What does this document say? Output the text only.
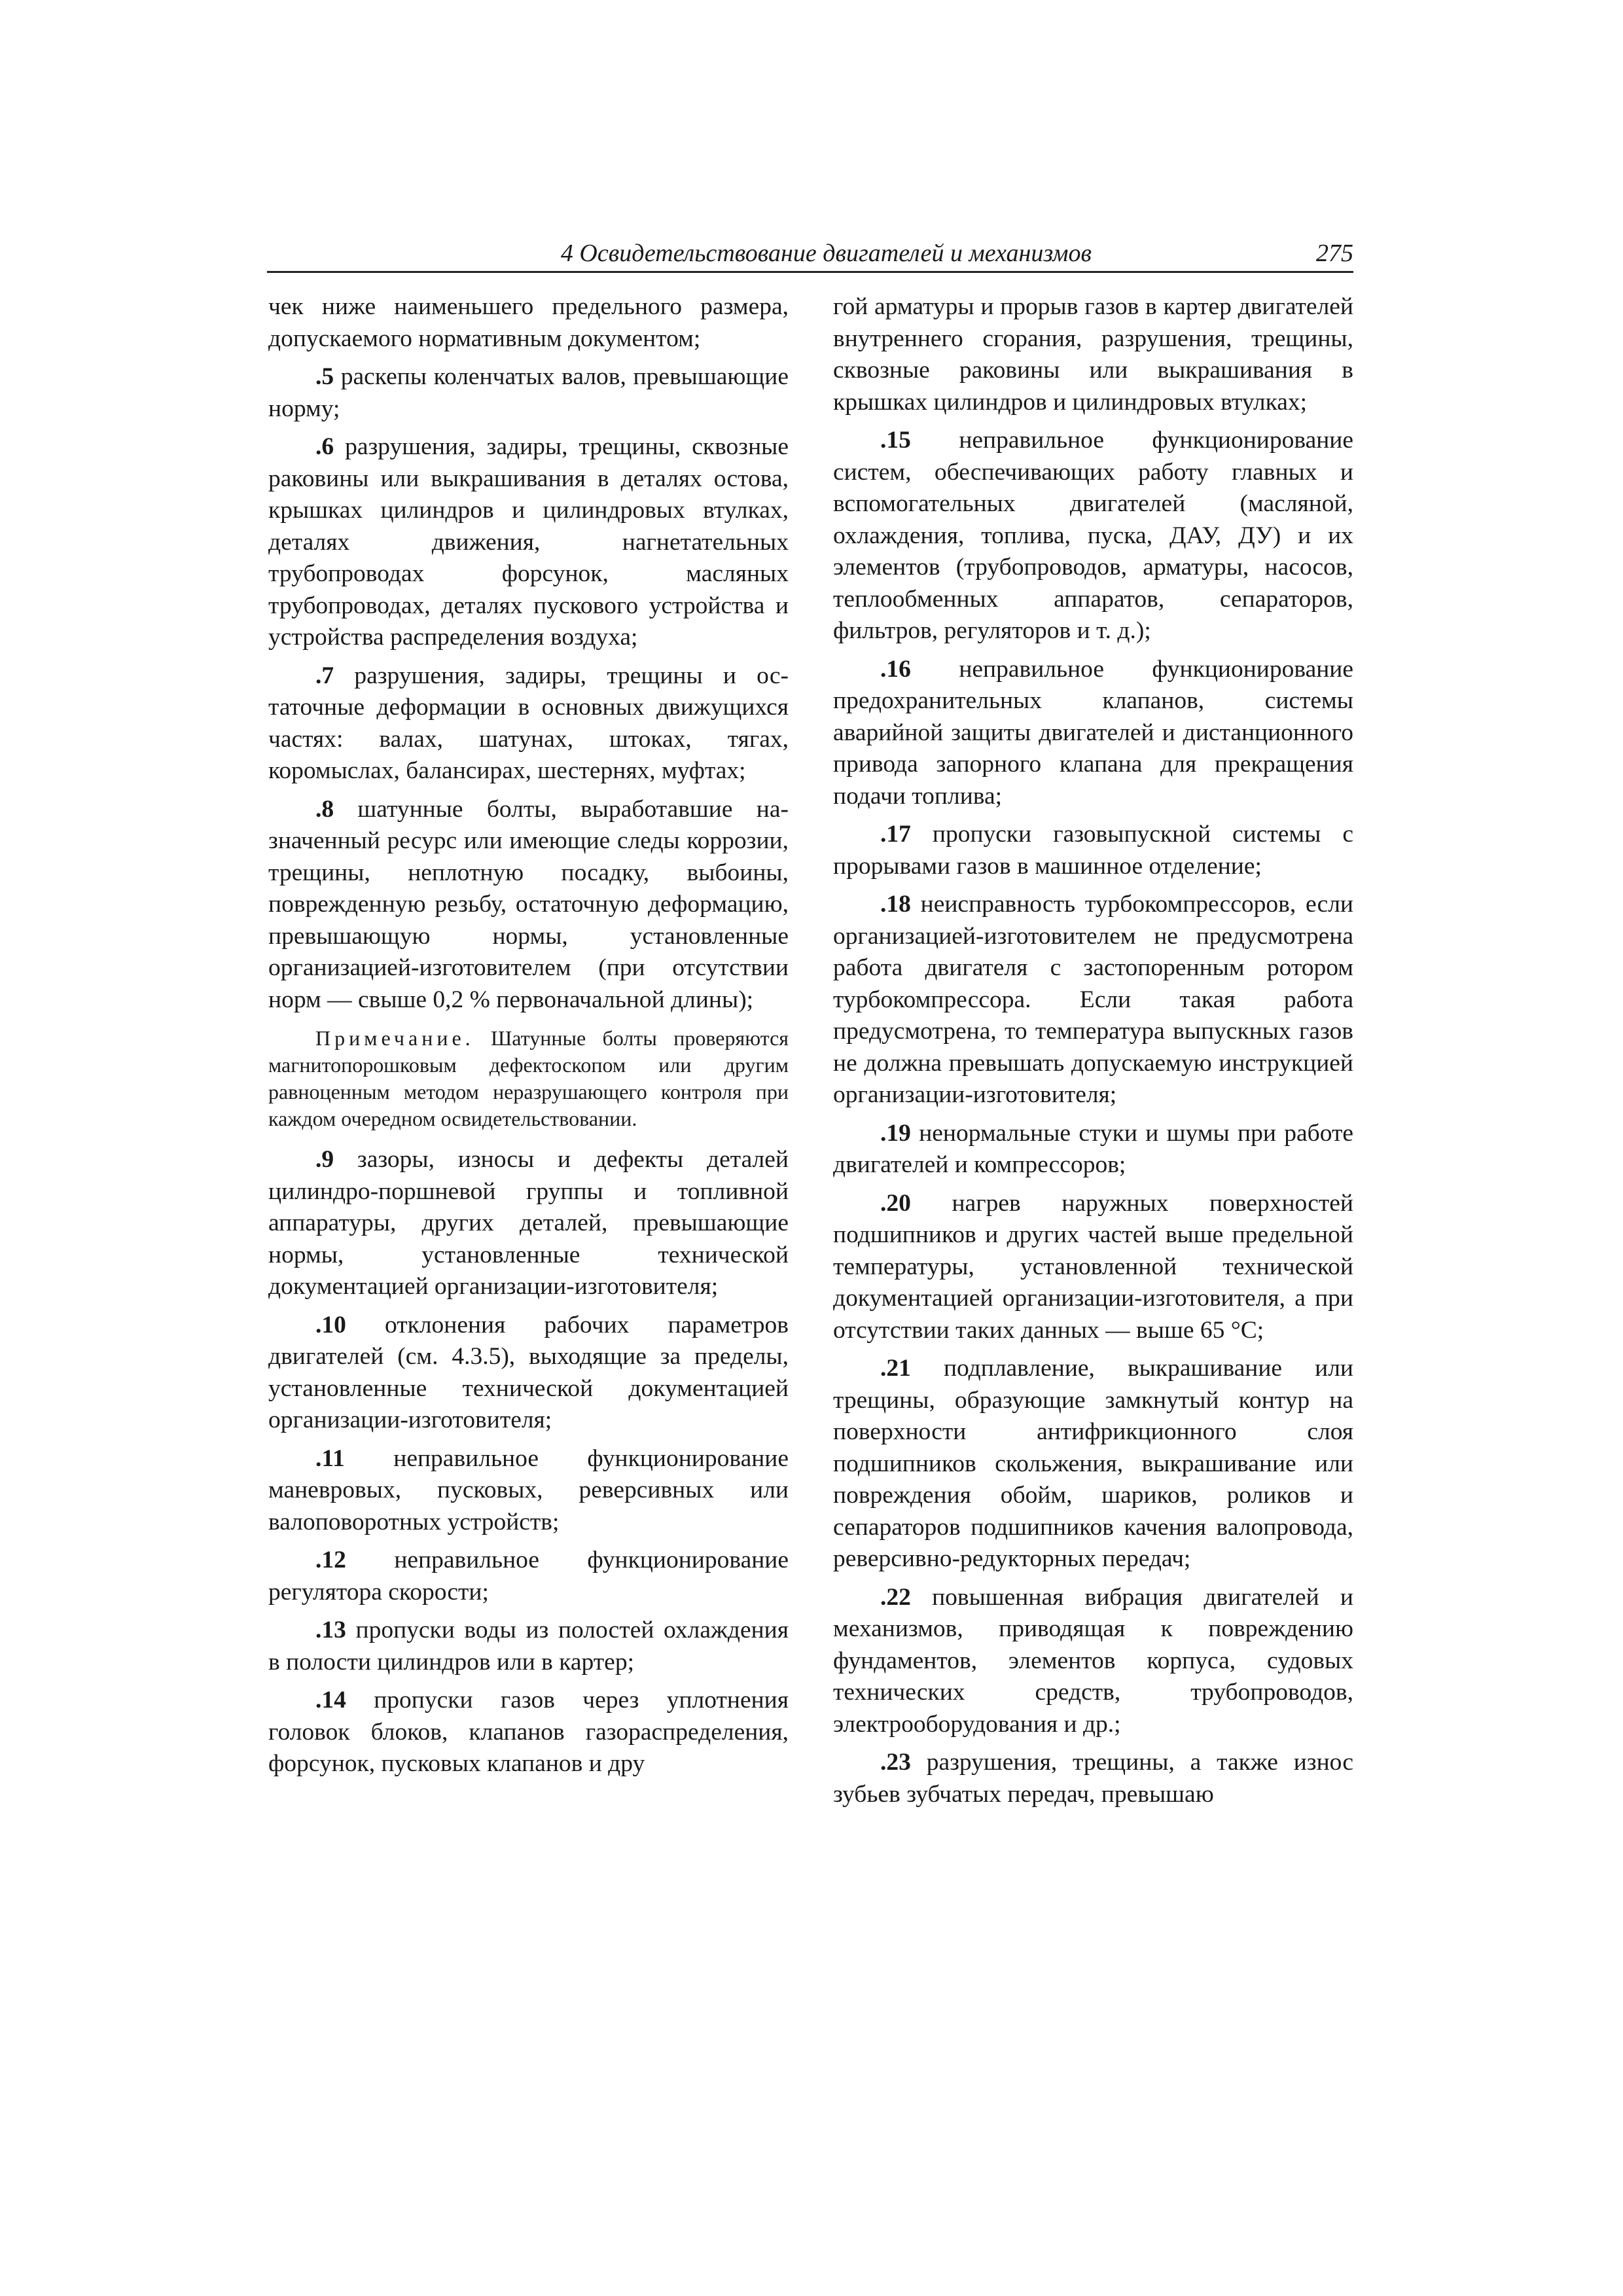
4 Освидетельствование двигателей и механизмов	275

чек ниже наименьшего предельного размера, допускаемого нормативным документом;

.5 раскепы коленчатых валов, превышающие норму;

.6 разрушения, задиры, трещины, сквозные раковины или выкрашивания в деталях остова, крышках цилиндров и цилиндровых втулках, деталях движения, нагнетательных трубопроводах форсунок, масляных трубопроводах, деталях пускового устройства и устройства распределения воздуха;

.7 разрушения, задиры, трещины и остаточные деформации в основных движущихся частях: валах, шатунах, штоках, тягах, коромыслах, балансирах, шестернях, муфтах;

.8 шатунные болты, выработавшие назначенный ресурс или имеющие следы коррозии, трещины, неплотную посадку, выбоины, поврежденную резьбу, остаточную деформацию, превышающую нормы, установленные организацией-изготовителем (при отсутствии норм — свыше 0,2 % первоначальной длины);

Примечание. Шатунные болты проверяются магнитопорошковым дефектоскопом или другим равноценным методом неразрушающего контроля при каждом очередном освидетельствовании.

.9 зазоры, износы и дефекты деталей цилиндро-поршневой группы и топливной аппаратуры, других деталей, превышающие нормы, установленные технической документацией организации-изготовителя;

.10 отклонения рабочих параметров двигателей (см. 4.3.5), выходящие за пределы, установленные технической документацией организации-изготовителя;

.11 неправильное функционирование маневровых, пусковых, реверсивных или валоповоротных устройств;

.12 неправильное функционирование регулятора скорости;

.13 пропуски воды из полостей охлаждения в полости цилиндров или в картер;

.14 пропуски газов через уплотнения головок блоков, клапанов газораспределения, форсунок, пусковых клапанов и дру

гой арматуры и прорыв газов в картер двигателей внутреннего сгорания, разрушения, трещины, сквозные раковины или выкрашивания в крышках цилиндров и цилиндровых втулках;

.15 неправильное функционирование систем, обеспечивающих работу главных и вспомогательных двигателей (масляной, охлаждения, топлива, пуска, ДАУ, ДУ) и их элементов (трубопроводов, арматуры, насосов, теплообменных аппаратов, сепараторов, фильтров, регуляторов и т. д.);

.16 неправильное функционирование предохранительных клапанов, системы аварийной защиты двигателей и дистанционного привода запорного клапана для прекращения подачи топлива;

.17 пропуски газовыпускной системы с прорывами газов в машинное отделение;

.18 неисправность турбокомпрессоров, если организацией-изготовителем не предусмотрена работа двигателя с застопоренным ротором турбокомпрессора. Если такая работа предусмотрена, то температура выпускных газов не должна превышать допускаемую инструкцией организации-изготовителя;

.19 ненормальные стуки и шумы при работе двигателей и компрессоров;

.20 нагрев наружных поверхностей подшипников и других частей выше предельной температуры, установленной технической документацией организации-изготовителя, а при отсутствии таких данных — выше 65 °C;

.21 подплавление, выкрашивание или трещины, образующие замкнутый контур на поверхности антифрикционного слоя подшипников скольжения, выкрашивание или повреждения обойм, шариков, роликов и сепараторов подшипников качения валопровода, реверсивно-редукторных передач;

.22 повышенная вибрация двигателей и механизмов, приводящая к повреждению фундаментов, элементов корпуса, судовых технических средств, трубопроводов, электрооборудования и др.;

.23 разрушения, трещины, а также износ зубьев зубчатых передач, превышаю
